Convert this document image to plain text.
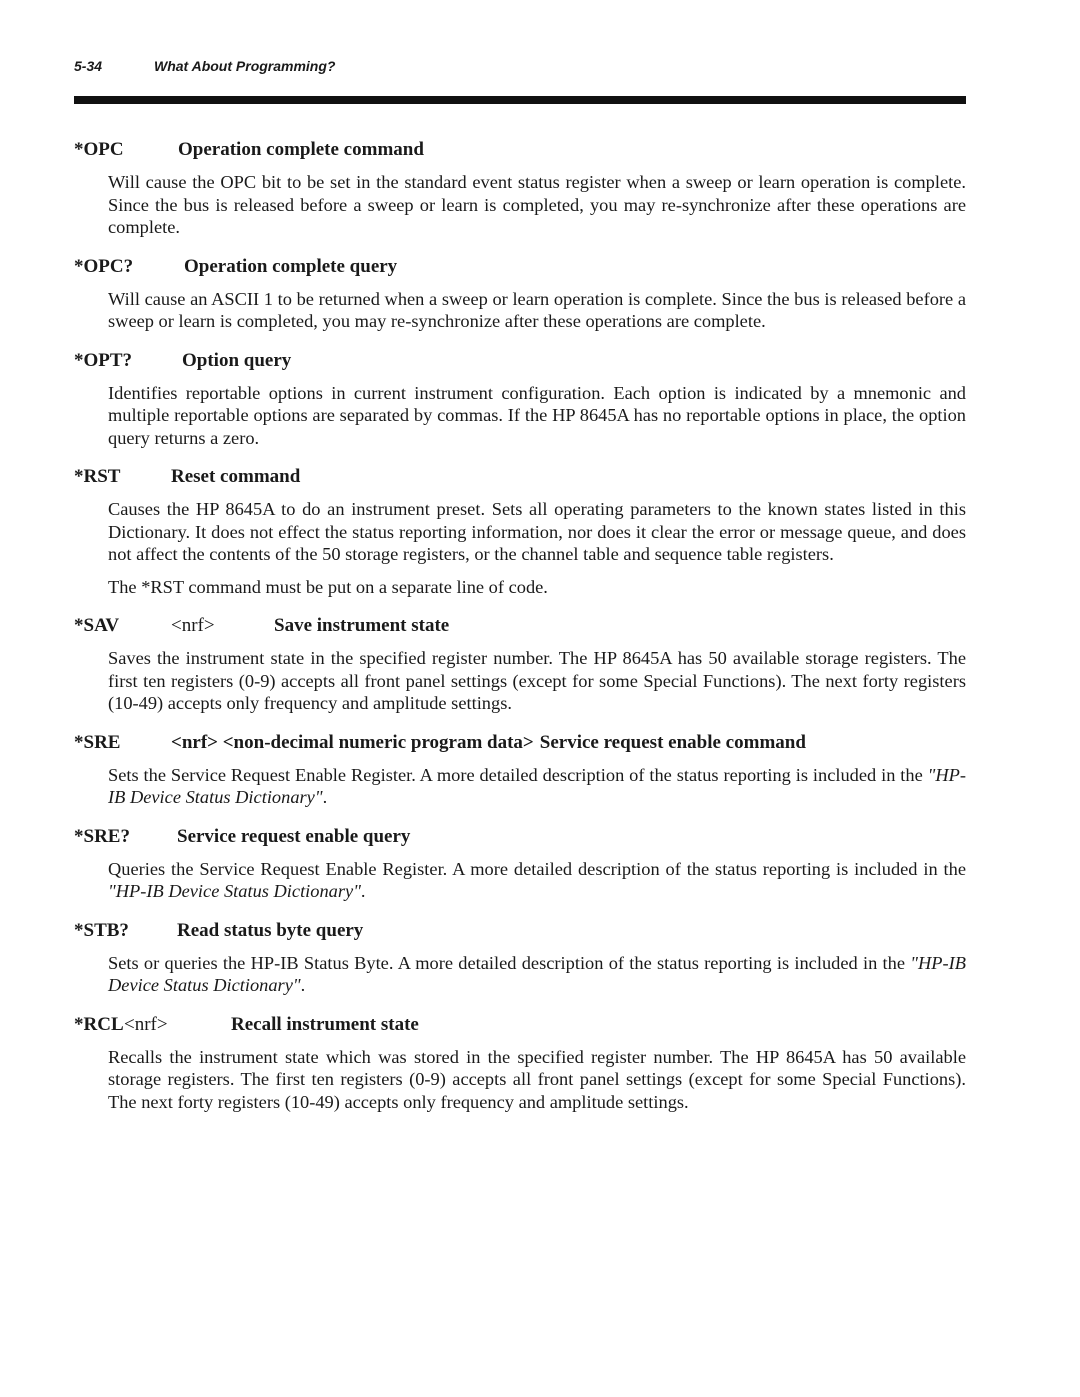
5-34	What About Programming?
*OPC	Operation complete command

Will cause the OPC bit to be set in the standard event status register when a sweep or learn operation is complete. Since the bus is released before a sweep or learn is completed, you may re-synchronize after these operations are complete.

*OPC?	Operation complete query

Will cause an ASCII 1 to be returned when a sweep or learn operation is complete. Since the bus is released before a sweep or learn is completed, you may re-synchronize after these operations are complete.

*OPT?	Option query

Identifies reportable options in current instrument configuration. Each option is indicated by a mnemonic and multiple reportable options are separated by commas. If the HP 8645A has no reportable options in place, the option query returns a zero.

*RST	Reset command

Causes the HP 8645A to do an instrument preset. Sets all operating parameters to the known states listed in this Dictionary. It does not effect the status reporting information, nor does it clear the error or message queue, and does not affect the contents of the 50 storage registers, or the channel table and sequence table registers.

The *RST command must be put on a separate line of code.

*SAV	<nrf>	Save instrument state

Saves the instrument state in the specified register number. The HP 8645A has 50 available storage registers. The first ten registers (0-9) accepts all front panel settings (except for some Special Functions). The next forty registers (10-49) accepts only frequency and amplitude settings.

*SRE	<nrf> <non-decimal numeric program data> Service request enable command

Sets the Service Request Enable Register. A more detailed description of the status reporting is included in the "HP-IB Device Status Dictionary".

*SRE?	Service request enable query

Queries the Service Request Enable Register. A more detailed description of the status reporting is included in the "HP-IB Device Status Dictionary".

*STB?	Read status byte query

Sets or queries the HP-IB Status Byte. A more detailed description of the status reporting is included in the "HP-IB Device Status Dictionary".

*RCL <nrf>	Recall instrument state

Recalls the instrument state which was stored in the specified register number. The HP 8645A has 50 available storage registers. The first ten registers (0-9) accepts all front panel settings (except for some Special Functions). The next forty registers (10-49) accepts only frequency and amplitude settings.
